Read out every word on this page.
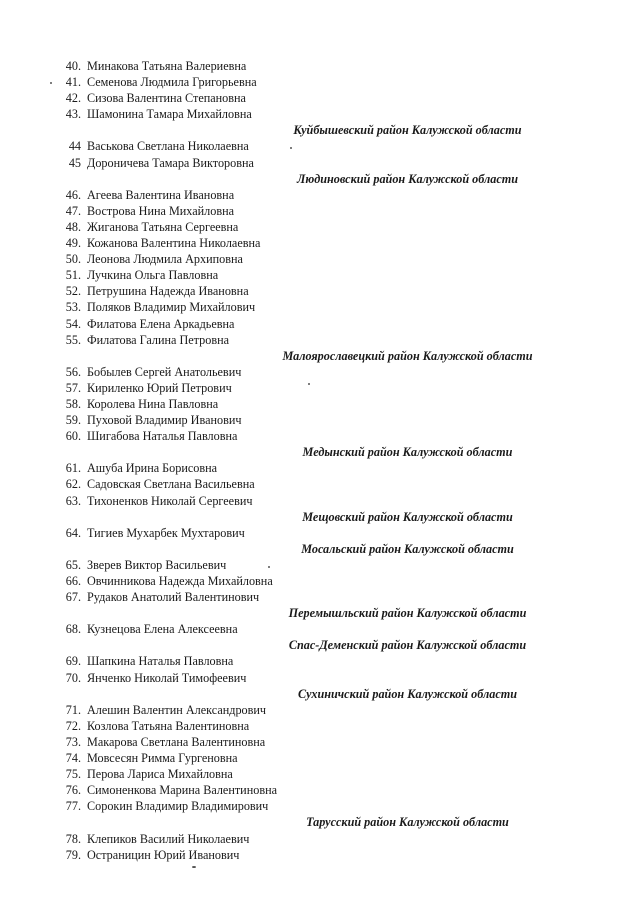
40. Минакова Татьяна Валериевна
41. Семенова Людмила Григорьевна
42. Сизова Валентина Степановна
43. Шамонина Тамара Михайловна
Куйбышевский район Калужской области
44 Васькова Светлана Николаевна
45 Дороничева Тамара Викторовна
Людиновский район Калужской области
46. Агеева Валентина Ивановна
47. Вострова Нина Михайловна
48. Жиганова Татьяна Сергеевна
49. Кожанова Валентина Николаевна
50. Леонова Людмила Архиповна
51. Лучкина Ольга Павловна
52. Петрушина Надежда Ивановна
53. Поляков Владимир Михайлович
54. Филатова Елена Аркадьевна
55. Филатова Галина Петровна
Малоярославецкий район Калужской области
56. Бобылев Сергей Анатольевич
57. Кириленко Юрий Петрович
58. Королева Нина Павловна
59. Пуховой Владимир Иванович
60. Шигабова Наталья Павловна
Медынский район Калужской области
61. Ашуба Ирина Борисовна
62. Садовская Светлана Васильевна
63. Тихоненков Николай Сергеевич
Мещовский район Калужской области
64. Тигиев Мухарбек Мухтарович
Мосальский район Калужской области
65. Зверев Виктор Васильевич
66. Овчинникова Надежда Михайловна
67. Рудаков Анатолий Валентинович
Перемышльский район Калужской области
68. Кузнецова Елена Алексеевна
Спас-Деменский район Калужской области
69. Шапкина Наталья Павловна
70. Янченко Николай Тимофеевич
Сухиничский район Калужской области
71. Алешин Валентин Александрович
72. Козлова Татьяна Валентиновна
73. Макарова Светлана Валентиновна
74. Мовсесян Римма Гургеновна
75. Перова Лариса Михайловна
76. Симоненкова Марина Валентиновна
77. Сорокин Владимир Владимирович
Тарусский район Калужской области
78. Клепиков Василий Николаевич
79. Остраницин Юрий Иванович
